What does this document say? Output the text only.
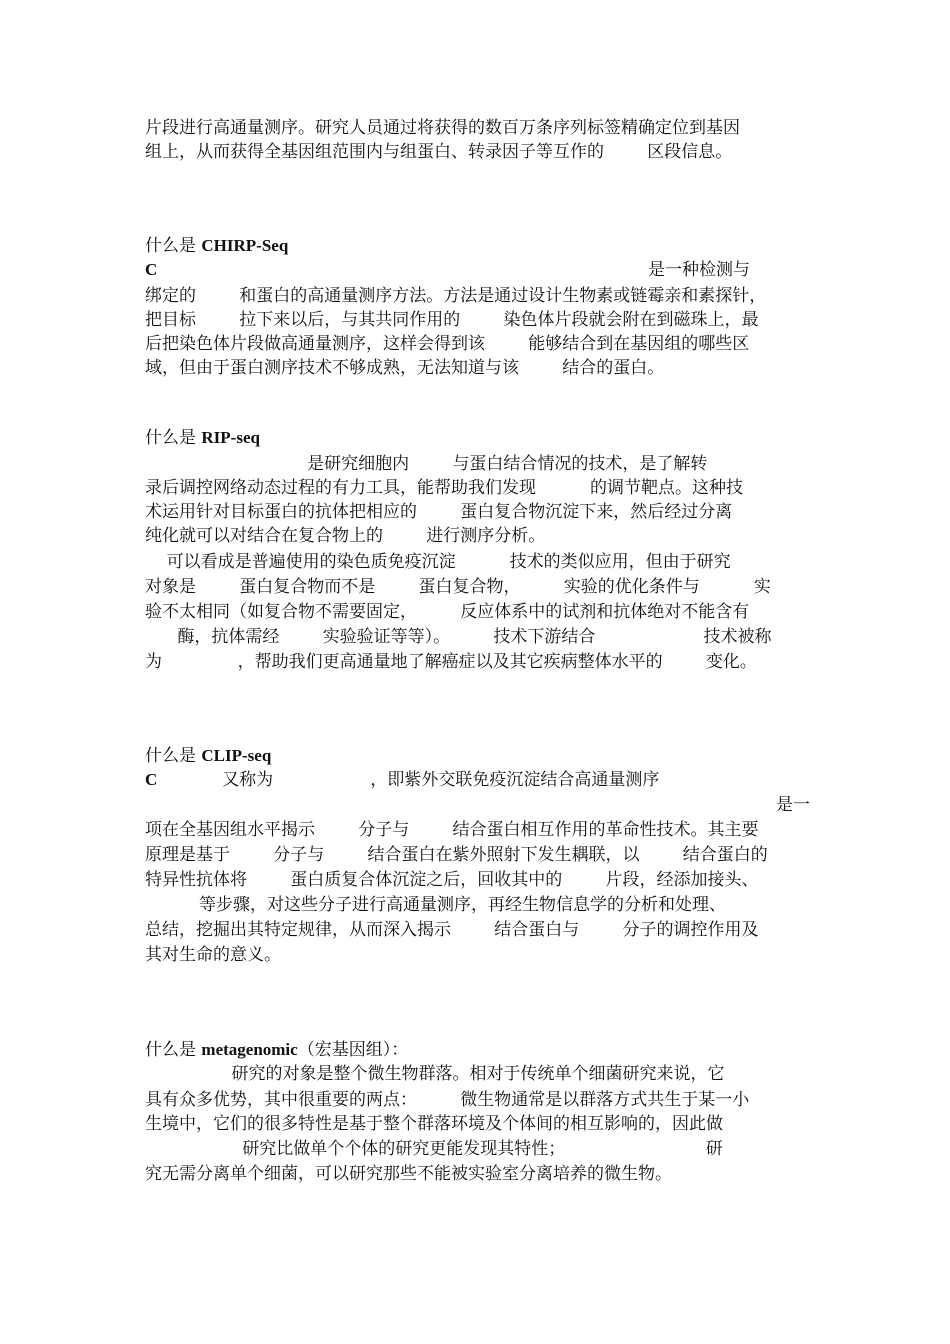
片段进行高通量测序。研究人员通过将获得的数百万条序列标签精确定位到基因
组上，从而获得全基因组范围内与组蛋白、转录因子等互作的        区段信息。
什么是 CHIRP-Seq
C	是一种检测与
绑定的        和蛋白的高通量测序方法。方法是通过设计生物素或链霉亲和素探针，
把目标        拉下来以后，与其共同作用的        染色体片段就会附在到磁珠上，最
后把染色体片段做高通量测序，这样会得到该        能够结合到在基因组的哪些区
域，但由于蛋白测序技术不够成熟，无法知道与该        结合的蛋白。
什么是 RIP-seq
是研究细胞内        与蛋白结合情况的技术，是了解转
录后调控网络动态过程的有力工具，能帮助我们发现          的调节靶点。这种技
术运用针对目标蛋白的抗体把相应的        蛋白复合物沉淀下来，然后经过分离
纯化就可以对结合在复合物上的        进行测序分析。
可以看成是普遍使用的染色质免疫沉淀          技术的类似应用，但由于研究
对象是        蛋白复合物而不是        蛋白复合物，        实验的优化条件与          实
验不太相同（如复合物不需要固定，        反应体系中的试剂和抗体绝对不能含有
酶，抗体需经        实验验证等等）。        技术下游结合                    技术被称
为              ，帮助我们更高通量地了解癌症以及其它疾病整体水平的        变化。
什么是 CLIP-seq
C            又称为                  ，即紫外交联免疫沉淀结合高通量测序
是一
项在全基因组水平揭示        分子与        结合蛋白相互作用的革命性技术。其主要
原理是基于        分子与        结合蛋白在紫外照射下发生耦联，以        结合蛋白的
特异性抗体将        蛋白质复合体沉淀之后，回收其中的        片段，经添加接头、
等步骤，对这些分子进行高通量测序，再经生物信息学的分析和处理、
总结，挖掘出其特定规律，从而深入揭示        结合蛋白与        分子的调控作用及
其对生命的意义。
什么是 metagenomic（宏基因组）：
研究的对象是整个微生物群落。相对于传统单个细菌研究来说，它
具有众多优势，其中很重要的两点：        微生物通常是以群落方式共生于某一小
生境中，它们的很多特性是基于整个群落环境及个体间的相互影响的，因此做
研究比做单个个体的研究更能发现其特性；                          研
究无需分离单个细菌，可以研究那些不能被实验室分离培养的微生物。
